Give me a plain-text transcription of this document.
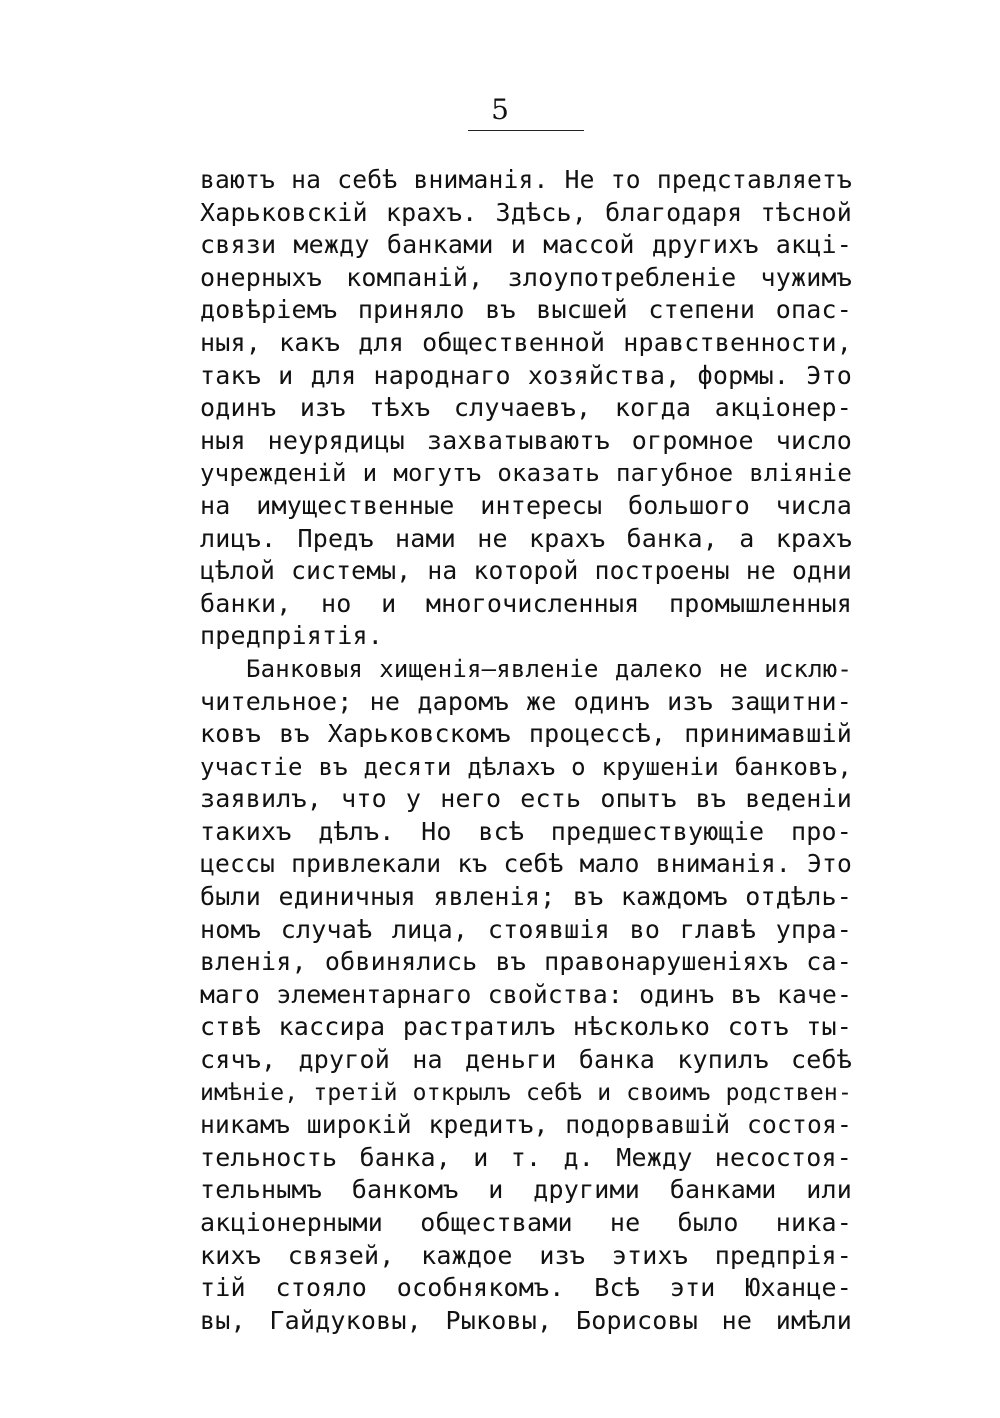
5
ваютъ на себѣ вниманія. Не то представляетъ
Харьковскій крахъ. Здѣсь, благодаря тѣсной
связи между банками и массой другихъ акці-
онерныхъ компаній, злоупотребленіе чужимъ
довѣріемъ приняло въ высшей степени опас-
ныя, какъ для общественной нравственности,
такъ и для народнаго хозяйства, формы. Это
одинъ изъ тѣхъ случаевъ, когда акціонер-
ныя неурядицы захватываютъ огромное число
учрежденій и могутъ оказать пагубное вліяніе
на имущественные интересы большого числа
лицъ. Предъ нами не крахъ банка, а крахъ
цѣлой системы, на которой построены не одни
банки, но и многочисленныя промышленныя
предпріятія.
Банковыя хищенія—явленіе далеко не исклю-
чительное; не даромъ же одинъ изъ защитни-
ковъ въ Харьковскомъ процессѣ, принимавшій
участіе въ десяти дѣлахъ о крушеніи банковъ,
заявилъ, что у него есть опытъ въ веденіи
такихъ дѣлъ. Но всѣ предшествующіе про-
цессы привлекали къ себѣ мало вниманія. Это
были единичныя явленія; въ каждомъ отдѣль-
номъ случаѣ лица, стоявшія во главѣ упра-
вленія, обвинялись въ правонарушеніяхъ са-
маго элементарнаго свойства: одинъ въ каче-
ствѣ кассира растратилъ нѣсколько сотъ ты-
сячъ, другой на деньги банка купилъ себѣ
имѣніе, третій открылъ себѣ и своимъ родствен-
никамъ широкій кредитъ, подорвавшій состоя-
тельность банка, и т. д. Между несостоя-
тельнымъ банкомъ и другими банками или
акціонерными обществами не было никa-
кихъ связей, каждое изъ этихъ предпрія-
тій стояло особнякомъ. Всѣ эти Юханце-
вы, Гайдуковы, Рыковы, Борисовы не имѣли
